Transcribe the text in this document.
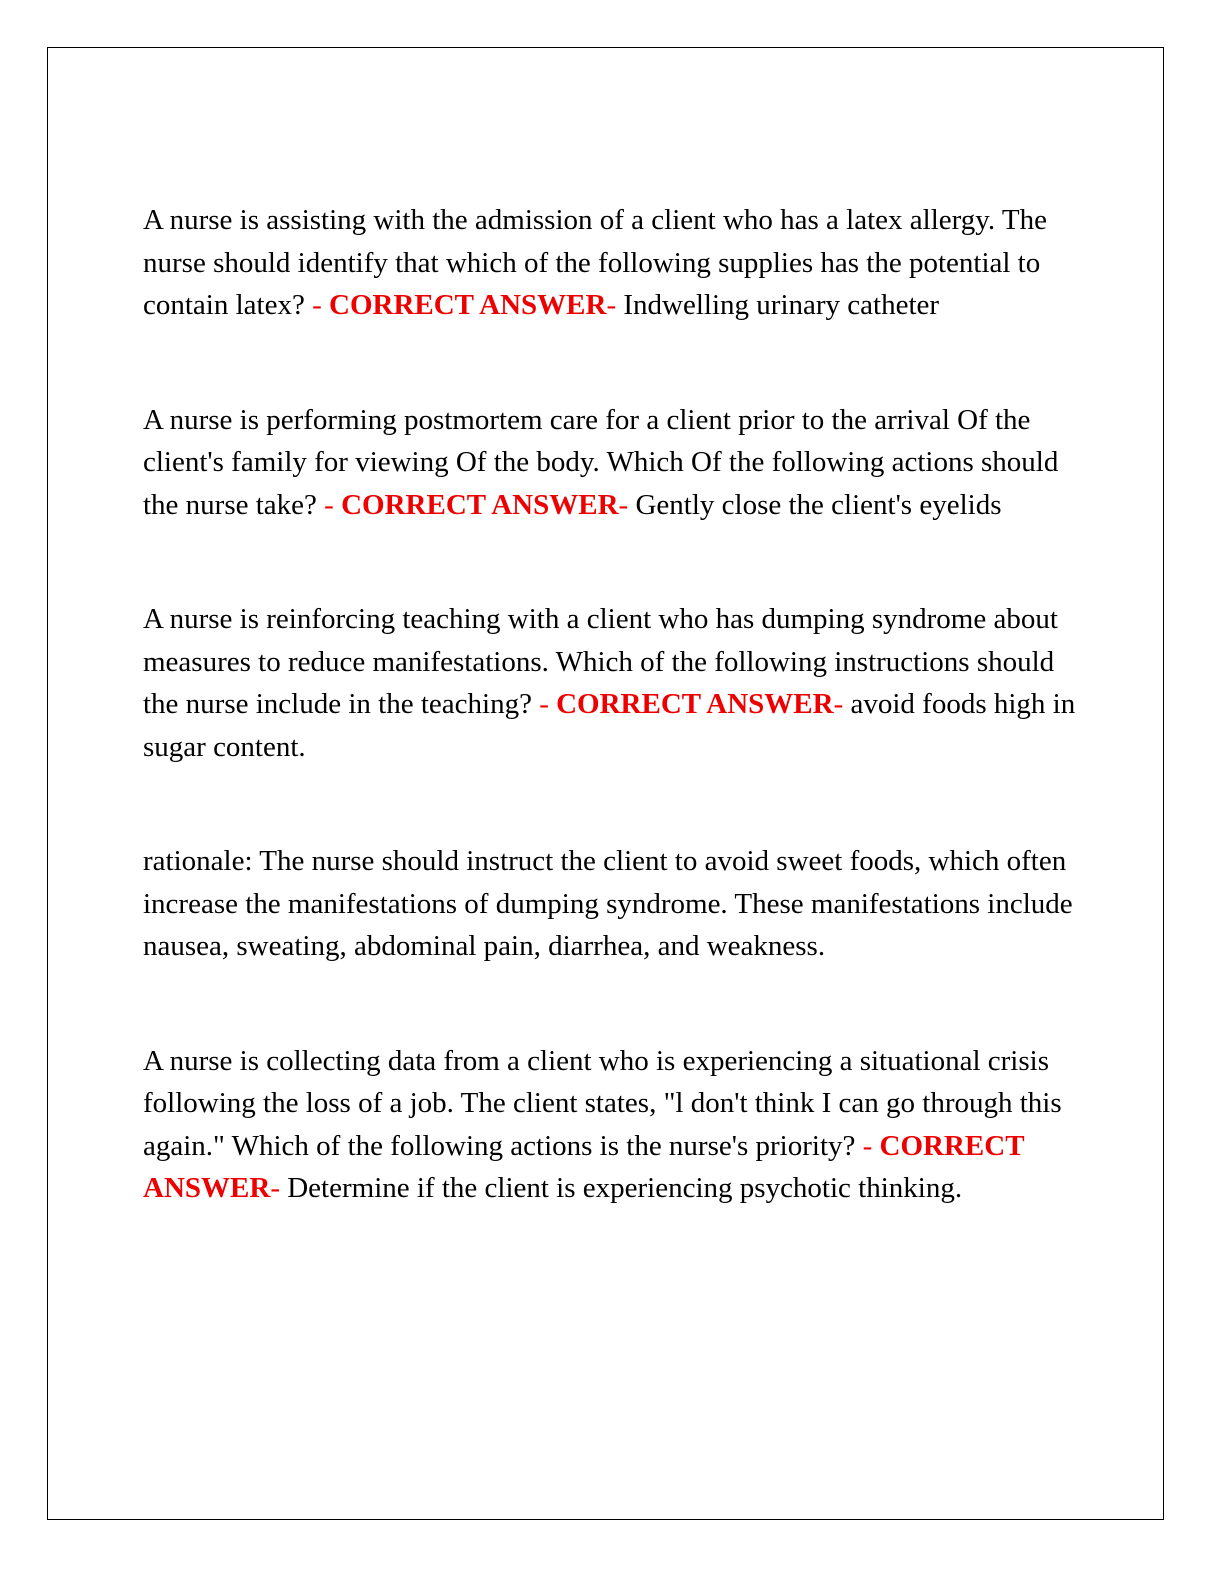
A nurse is assisting with the admission of a client who has a latex allergy. The nurse should identify that which of the following supplies has the potential to contain latex? - CORRECT ANSWER- Indwelling urinary catheter

A nurse is performing postmortem care for a client prior to the arrival Of the client's family for viewing Of the body. Which Of the following actions should the nurse take? - CORRECT ANSWER- Gently close the client's eyelids

A nurse is reinforcing teaching with a client who has dumping syndrome about measures to reduce manifestations. Which of the following instructions should the nurse include in the teaching? - CORRECT ANSWER- avoid foods high in sugar content.

rationale: The nurse should instruct the client to avoid sweet foods, which often increase the manifestations of dumping syndrome. These manifestations include nausea, sweating, abdominal pain, diarrhea, and weakness.

A nurse is collecting data from a client who is experiencing a situational crisis following the loss of a job. The client states, "l don't think I can go through this again." Which of the following actions is the nurse's priority? - CORRECT ANSWER- Determine if the client is experiencing psychotic thinking.
